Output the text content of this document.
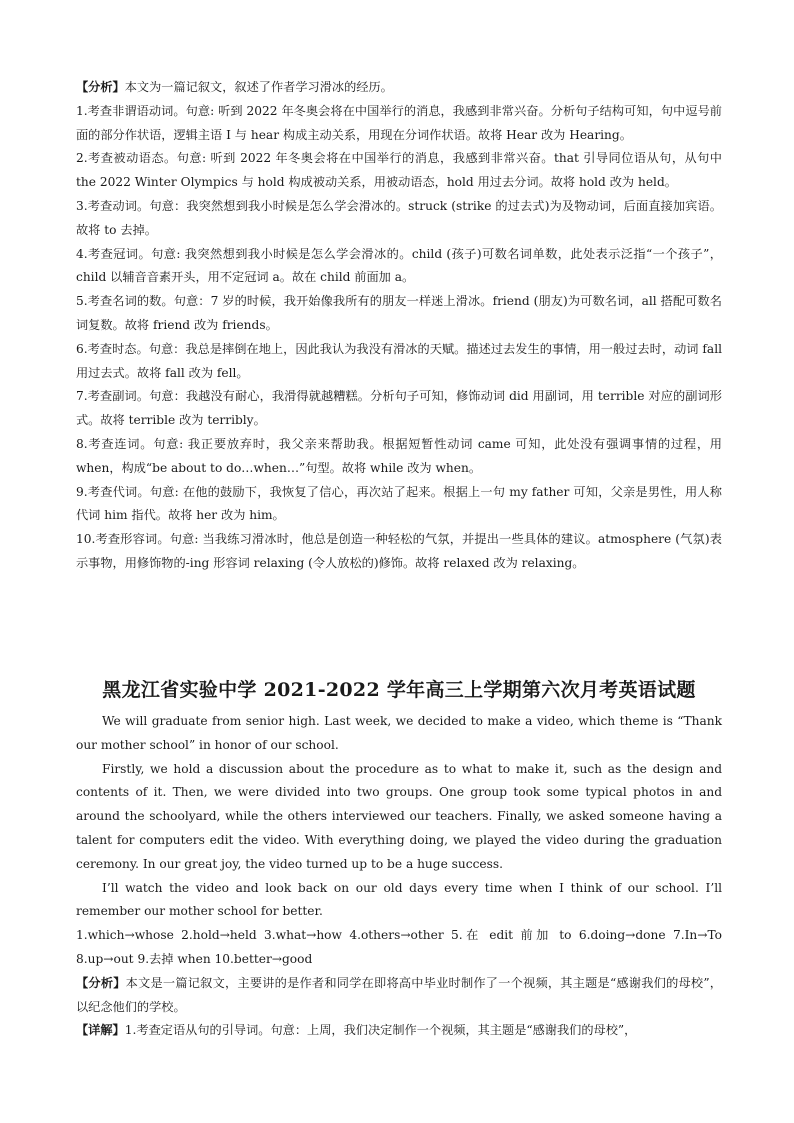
【分析】本文为一篇记叙文，叙述了作者学习滑冰的经历。

1.考查非谓语动词。句意: 听到 2022 年冬奥会将在中国举行的消息，我感到非常兴奋。分析句子结构可知，句中逗号前面的部分作状语，逻辑主语 I 与 hear 构成主动关系，用现在分词作状语。故将 Hear 改为 Hearing。

2.考查被动语态。句意: 听到 2022 年冬奥会将在中国举行的消息，我感到非常兴奋。that 引导同位语从句，从句中 the 2022 Winter Olympics 与 hold 构成被动关系，用被动语态，hold 用过去分词。故将 hold 改为 held。

3.考查动词。句意：我突然想到我小时候是怎么学会滑冰的。struck (strike 的过去式)为及物动词，后面直接加宾语。故将 to 去掉。

4.考查冠词。句意: 我突然想到我小时候是怎么学会滑冰的。child (孩子)可数名词单数，此处表示泛指“一个孩子”，child 以辅音音素开头，用不定冠词 a。故在 child 前面加 a。

5.考查名词的数。句意：7 岁的时候，我开始像我所有的朋友一样迷上滑冰。friend (朋友)为可数名词，all 搭配可数名词复数。故将 friend 改为 friends。

6.考查时态。句意：我总是摔倒在地上，因此我认为我没有滑冰的天赋。描述过去发生的事情，用一般过去时，动词 fall 用过去式。故将 fall 改为 fell。

7.考查副词。句意：我越没有耐心，我滑得就越糟糕。分析句子可知，修饰动词 did 用副词，用 terrible 对应的副词形式。故将 terrible 改为 terribly。

8.考查连词。句意: 我正要放弃时，我父亲来帮助我。根据短暂性动词 came 可知，此处没有强调事情的过程，用 when，构成“be about to do…when…”句型。故将 while 改为 when。

9.考查代词。句意: 在他的鼓励下，我恢复了信心，再次站了起来。根据上一句 my father 可知，父亲是男性，用人称代词 him 指代。故将 her 改为 him。

10.考查形容词。句意: 当我练习滑冰时，他总是创造一种轻松的气氛，并提出一些具体的建议。atmosphere (气氛)表示事物，用修饰物的-ing 形容词 relaxing (令人放松的)修饰。故将 relaxed 改为 relaxing。

黑龙江省实验中学 2021-2022 学年高三上学期第六次月考英语试题

We will graduate from senior high. Last week, we decided to make a video, which theme is “Thank our mother school” in honor of our school.

Firstly, we hold a discussion about the procedure as to what to make it, such as the design and contents of it. Then, we were divided into two groups. One group took some typical photos in and around the schoolyard, while the others interviewed our teachers. Finally, we asked someone having a talent for computers edit the video. With everything doing, we played the video during the graduation ceremony. In our great joy, the video turned up to be a huge success.

I’ll watch the video and look back on our old days every time when I think of our school. I’ll remember our mother school for better.

1.which→whose 2.hold→held 3.what→how 4.others→other 5.在 edit 前加 to 6.doing→done 7.In→To 8.up→out 9.去掉 when 10.better→good

【分析】本文是一篇记叙文，主要讲的是作者和同学在即将高中毕业时制作了一个视频，其主题是“感谢我们的母校”，以纪念他们的学校。

【详解】1.考查定语从句的引导词。句意：上周，我们决定制作一个视频，其主题是“感谢我们的母校”，
